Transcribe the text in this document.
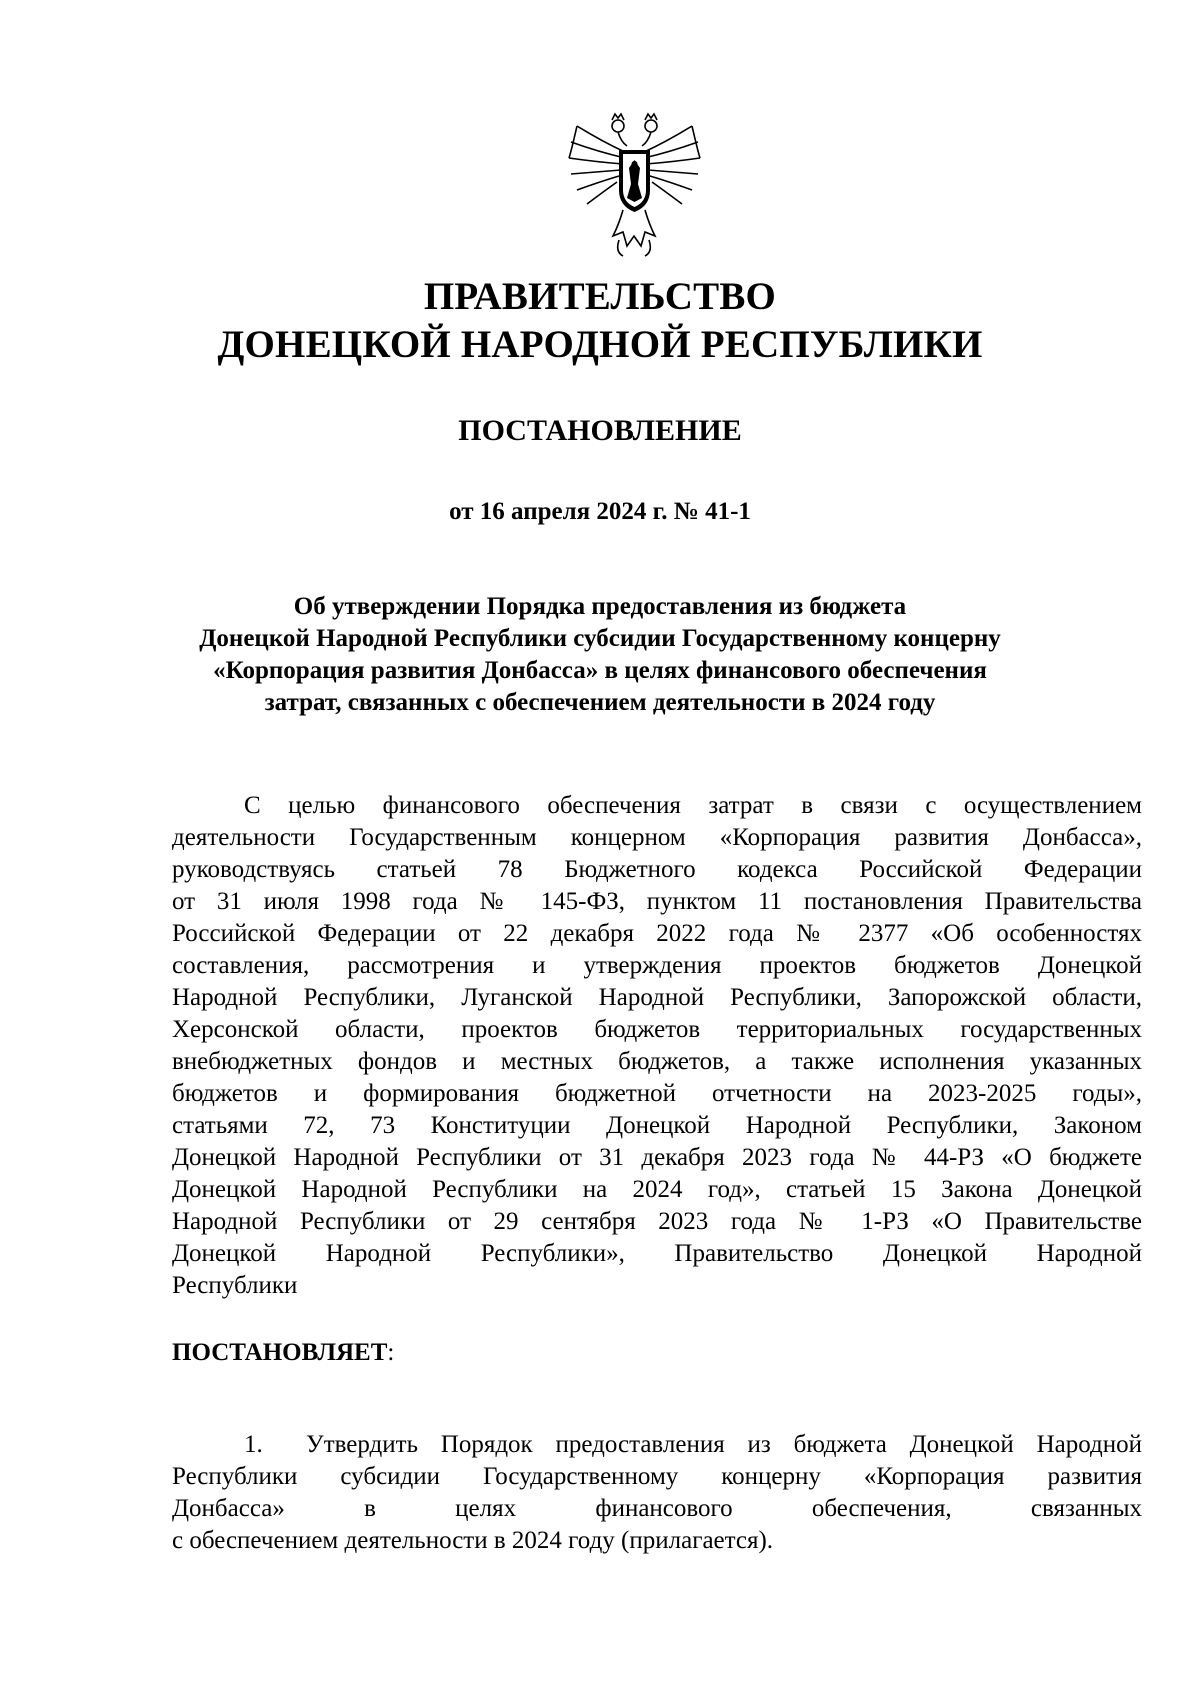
ПРАВИТЕЛЬСТВО
ДОНЕЦКОЙ НАРОДНОЙ РЕСПУБЛИКИ
ПОСТАНОВЛЕНИЕ
от 16 апреля 2024 г. № 41-1
Об утверждении Порядка предоставления из бюджета
Донецкой Народной Республики субсидии Государственному концерну
«Корпорация развития Донбасса» в целях финансового обеспечения
затрат, связанных с обеспечением деятельности в 2024 году
С целью финансового обеспечения затрат в связи с осуществлением
деятельности Государственным концерном «Корпорация развития Донбасса»,
руководствуясь статьей 78 Бюджетного кодекса Российской Федерации
от 31 июля 1998 года № 145-ФЗ, пунктом 11 постановления Правительства
Российской Федерации от 22 декабря 2022 года № 2377 «Об особенностях
составления, рассмотрения и утверждения проектов бюджетов Донецкой
Народной Республики, Луганской Народной Республики, Запорожской области,
Херсонской области, проектов бюджетов территориальных государственных
внебюджетных фондов и местных бюджетов, а также исполнения указанных
бюджетов и формирования бюджетной отчетности на 2023-2025 годы»,
статьями 72, 73 Конституции Донецкой Народной Республики, Законом
Донецкой Народной Республики от 31 декабря 2023 года № 44-РЗ «О бюджете
Донецкой Народной Республики на 2024 год», статьей 15 Закона Донецкой
Народной Республики от 29 сентября 2023 года № 1-РЗ «О Правительстве
Донецкой Народной Республики», Правительство Донецкой Народной
Республики
ПОСТАНОВЛЯЕТ:
1. Утвердить Порядок предоставления из бюджета Донецкой Народной
Республики субсидии Государственному концерну «Корпорация развития
Донбасса» в целях финансового обеспечения, связанных
с обеспечением деятельности в 2024 году (прилагается).
